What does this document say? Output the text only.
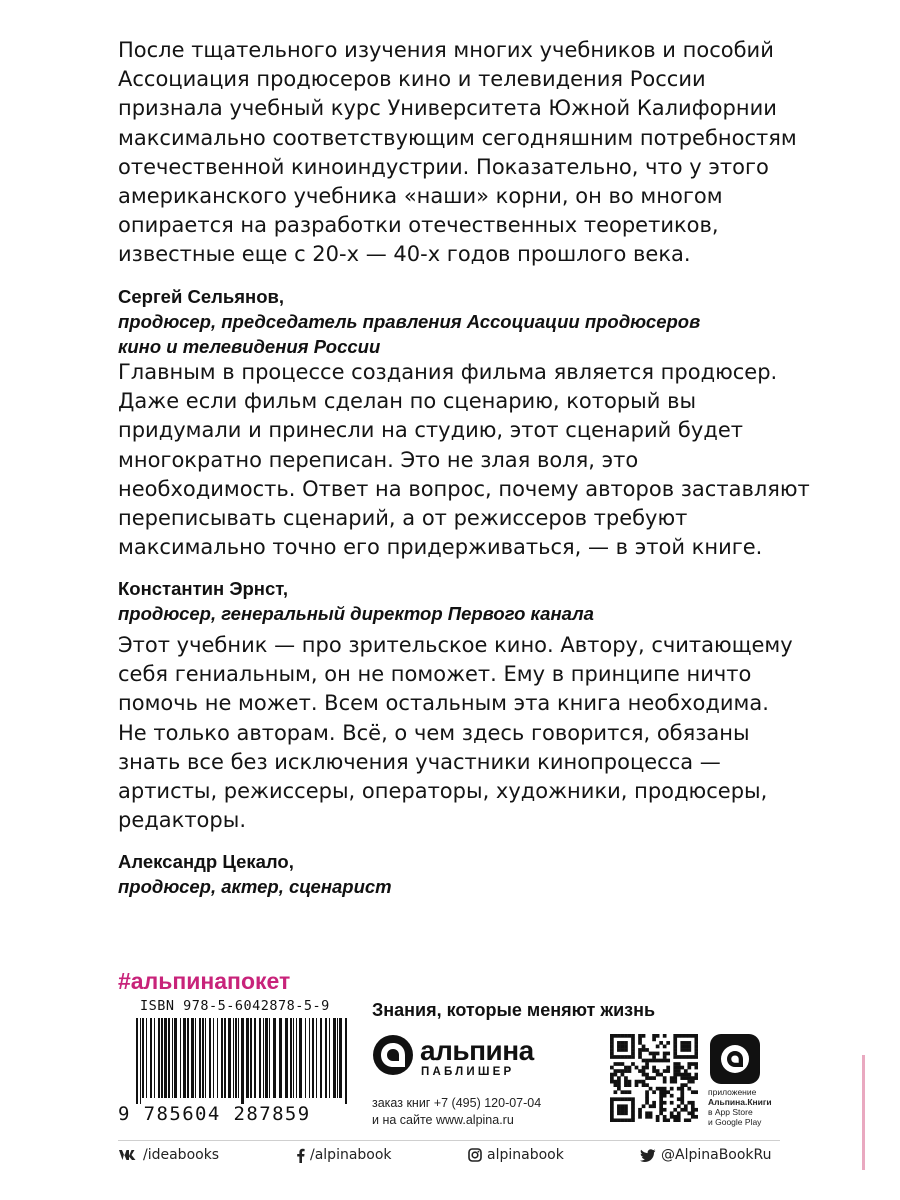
После тщательного изучения многих учебников и пособий
Ассоциация продюсеров кино и телевидения России
признала учебный курс Университета Южной Калифорнии
максимально соответствующим сегодняшним потребностям
отечественной киноиндустрии. Показательно, что у этого
американского учебника «наши» корни, он во многом
опирается на разработки отечественных теоретиков,
известные еще с 20-х — 40-х годов прошлого века.

Сергей Сельянов,

продюсер, председатель правления Ассоциации продюсеров

кино и телевидения России

Главным в процессе создания фильма является продюсер.
Даже если фильм сделан по сценарию, который вы
придумали и принесли на студию, этот сценарий будет
многократно переписан. Это не злая воля, это
необходимость. Ответ на вопрос, почему авторов заставляют
переписывать сценарий, а от режиссеров требуют
максимально точно его придерживаться, — в этой книге.

Константин Эрнст,

продюсер, генеральный директор Первого канала

Этот учебник — про зрительское кино. Автору, считающему
себя гениальным, он не поможет. Ему в принципе ничто
помочь не может. Всем остальным эта книга необходима.
Не только авторам. Всё, о чем здесь говорится, обязаны
знать все без исключения участники кинопроцесса —
артисты, режиссеры, операторы, художники, продюсеры,
редакторы.

Александр Цекало,

продюсер, актер, сценарист

#альпинапокет
ISBN 978-5-6042878-5-9
9 785604 287859
Знания, которые меняют жизнь
альпина
ПАБЛИШЕР
заказ книг +7 (495) 120-07-04
и на сайте www.alpina.ru
приложение
Альпина.Книги
в App Store
и Google Play
/ideabooks	/alpinabook	alpinabook	@AlpinaBookRu
